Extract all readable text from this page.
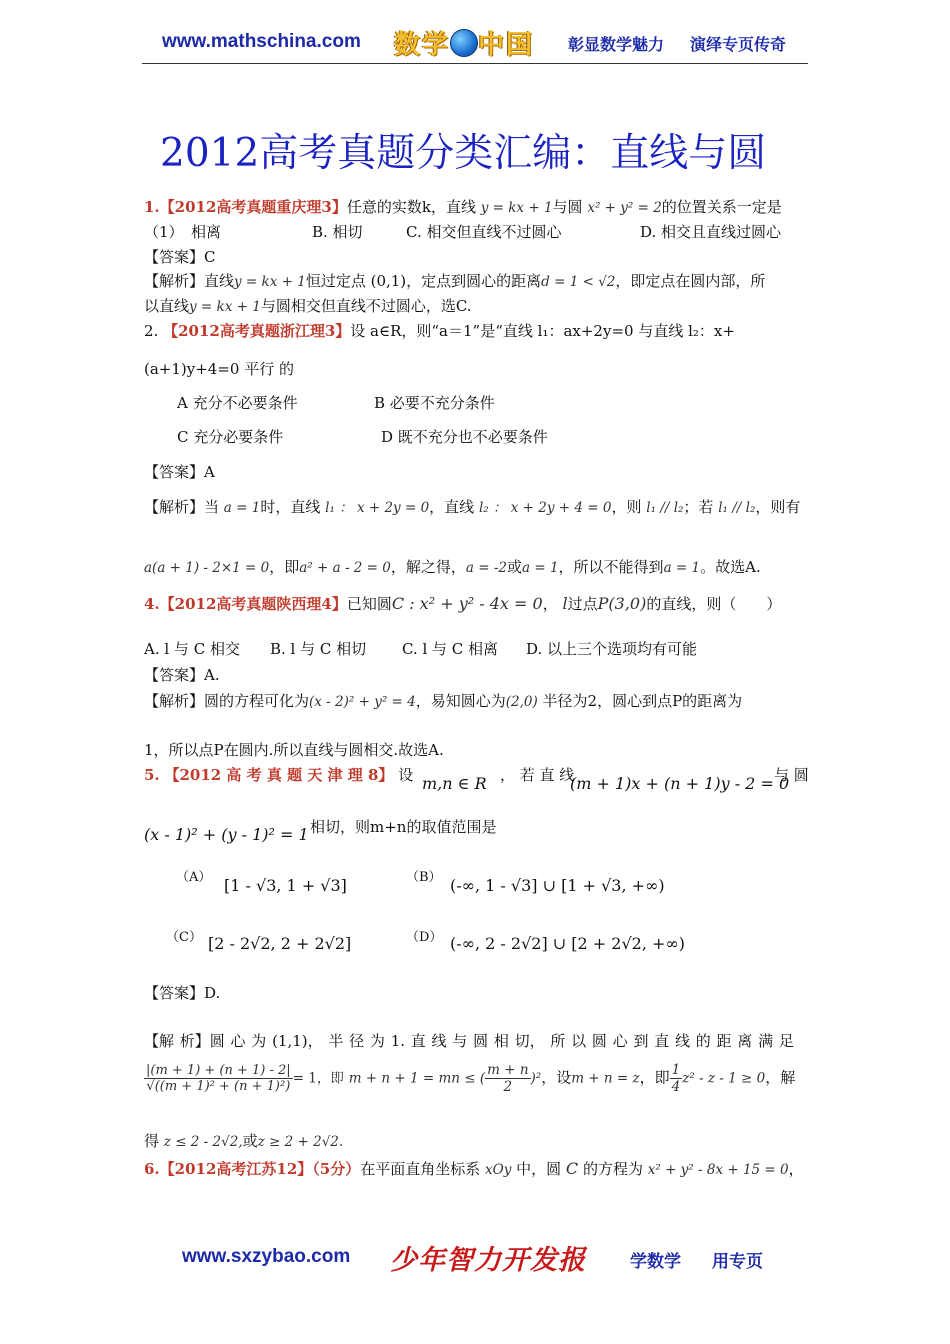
www.mathschina.com 数学 中国 彰显数学魅力 演绎专页传奇
2012高考真题分类汇编：直线与圆
1.【2012高考真题重庆理3】任意的实数k，直线 y = kx + 1与圆 x² + y² = 2的位置关系一定是
（1）　相离	B. 相切	C. 相交但直线不过圆心	D. 相交且直线过圆心
【答案】C
【解析】直线y = kx + 1恒过定点 (0,1)，定点到圆心的距离d = 1 < √2，即定点在圆内部，所
以直线y = kx + 1与圆相交但直线不过圆心，选C.
2. 【2012高考真题浙江理3】设 a∈R，则“a＝1”是“直线 l₁：ax+2y=0 与直线 l₂：x+
(a+1)y+4=0 平行 的
A 充分不必要条件	B 必要不充分条件
C 充分必要条件	D 既不充分也不必要条件
【答案】A
【解析】当 a = 1时，直线 l₁ ： x + 2y = 0，直线 l₂ ： x + 2y + 4 = 0，则 l₁ // l₂；若 l₁ // l₂，则有
a(a + 1) - 2×1 = 0，即a² + a - 2 = 0，解之得，a = -2或a = 1，所以不能得到a = 1。故选A.
4.【2012高考真题陕西理4】已知圆C : x² + y² - 4x = 0， l过点P(3,0)的直线，则（　　）
A. l 与 C 相交 B. l 与 C 相切 C. l 与 C 相离 D. 以上三个选项均有可能
【答案】A.
【解析】圆的方程可化为(x - 2)² + y² = 4，易知圆心为(2,0) 半径为2，圆心到点P的距离为
1，所以点P在圆内.所以直线与圆相交.故选A.
5. 【2012 高 考 真 题 天 津 理 8】 设 m,n ∈ R ， 若 直 线
(m + 1)x + (n + 1)y - 2 = 0
与 圆
(x - 1)² + (y - 1)² = 1 相切，则m+n的取值范围是
（A） [1 - √3, 1 + √3]	（B） (-∞, 1 - √3] ∪ [1 + √3, +∞)
（C） [2 - 2√2, 2 + 2√2]	（D） (-∞, 2 - 2√2] ∪ [2 + 2√2, +∞)
【答案】D.
【解 析】圆 心 为 (1,1)， 半 径 为 1. 直 线 与 圆 相 切， 所 以 圆 心 到 直 线 的 距 离 满 足
$\frac{|(m + 1) + (n + 1) - 2|}{\text{√((m + 1)² + (n + 1)²)}} = 1$，即 m + n + 1 = mn ≤ ( $\frac{m + n}{2} )^2$，设m + n = z，即 $\frac{1}{4} z^2 - z - 1 \ge 0$，解
得 z ≤ 2 - 2√2,或z ≥ 2 + 2√2.
6.【2012高考江苏12】（5分）在平面直角坐标系 xOy 中，圆 C 的方程为 x² + y² - 8x + 15 = 0，
www.sxzybao.com 少年智力开发报	学数学 用专页
